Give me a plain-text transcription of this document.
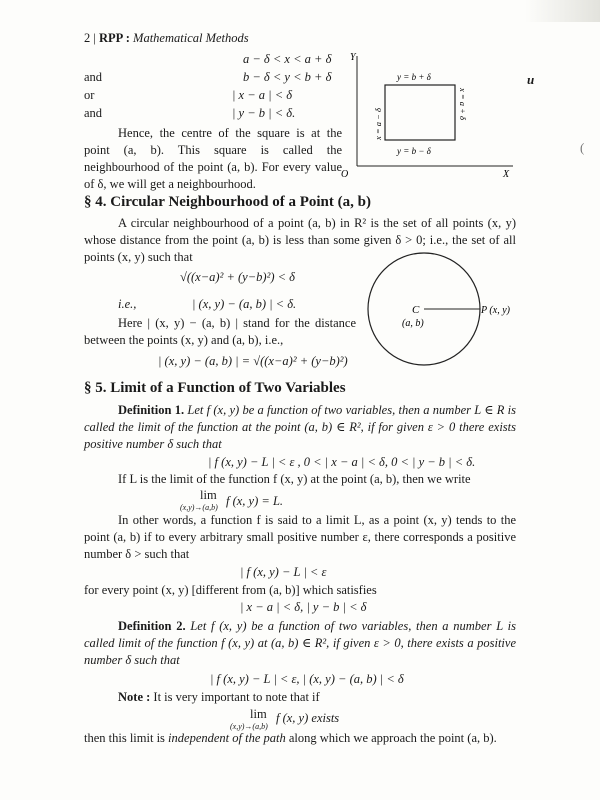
2 | RPP : Mathematical Methods
a − δ < x < a + δ
and	b − δ < y < b + δ
or	| x − a | < δ
and	| y − b | < δ.
Hence, the centre of the square is at the point (a, b). This square is called the neighbourhood of the point (a, b). For every value of δ, we will get a neighbourhood.
Y
X
O
y = b + δ
y = b − δ
x = a − δ
x = a + δ
u
(
§ 4. Circular Neighbourhood of a Point (a, b)
A circular neighbourhood of a point (a, b) in R² is the set of all points (x, y) whose distance from the point (a, b) is less than some given δ > 0; i.e., the set of all points (x, y) such that
√((x−a)² + (y−b)²) < δ
i.e.,	| (x, y) − (a, b) | < δ.
Here | (x, y) − (a, b) | stand for the distance between the points (x, y) and (a, b), i.e.,
| (x, y) − (a, b) | = √((x−a)² + (y−b)²)
C
(a, b)
P (x, y)
§ 5. Limit of a Function of Two Variables
Definition 1. Let f (x, y) be a function of two variables, then a number L ∈ R is called the limit of the function at the point (a, b) ∈ R², if for given ε > 0 there exists positive number δ such that
| f (x, y) − L | < ε , 0 < | x − a | < δ, 0 < | y − b | < δ.
If L is the limit of the function f (x, y) at the point (a, b), then we write
lim
(x,y)→(a,b) f (x, y) = L.
In other words, a function f is said to a limit L, as a point (x, y) tends to the point (a, b) if to every arbitrary small positive number ε, there corresponds a positive number δ > such that
| f (x, y) − L | < ε
for every point (x, y) [different from (a, b)] which satisfies
| x − a | < δ, | y − b | < δ
Definition 2. Let f (x, y) be a function of two variables, then a number L is called limit of the function f (x, y) at (a, b) ∈ R², if given ε > 0, there exists a positive number δ such that
| f (x, y) − L | < ε, | (x, y) − (a, b) | < δ
Note : It is very important to note that if
lim
(x,y)→(a,b)
f (x, y) exists
then this limit is independent of the path along which we approach the point (a, b).
